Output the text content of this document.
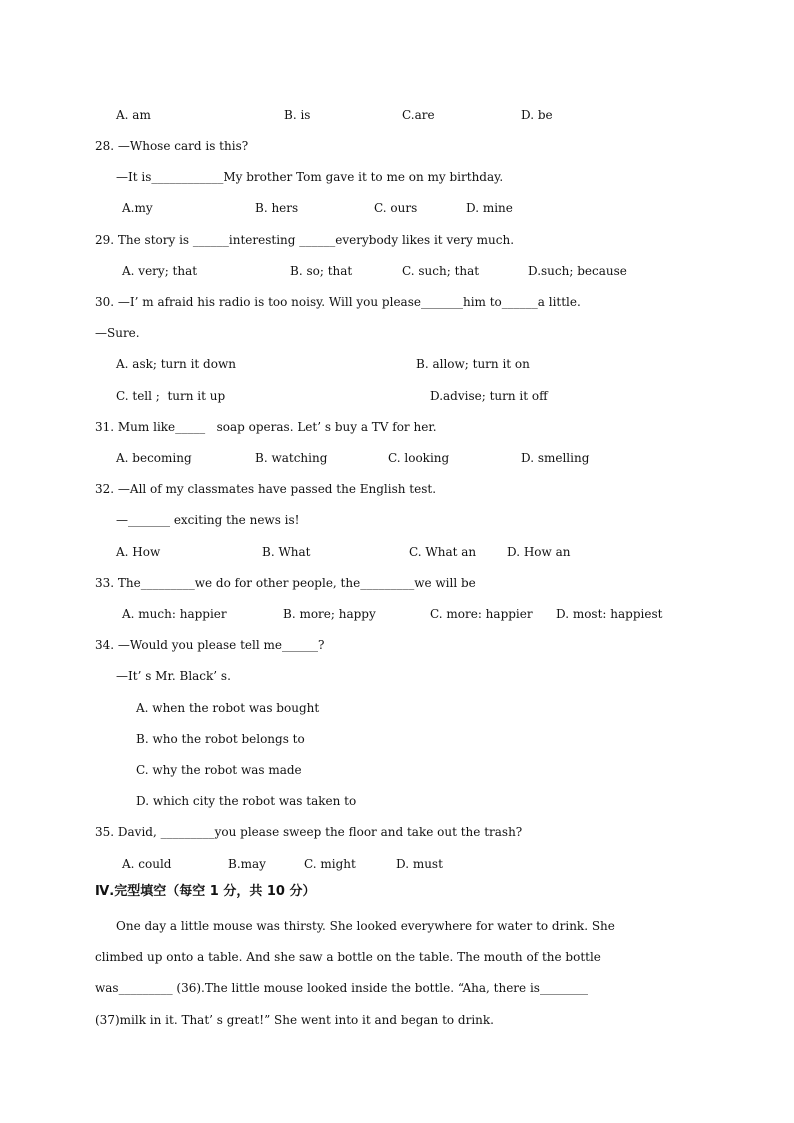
A. am	B. is	C.are	D. be
28. —Whose card is this?
—It is____________My brother Tom gave it to me on my birthday.
A.my	B. hers	C. ours	D. mine
29. The story is ______interesting ______everybody likes it very much.
A. very; that	B. so; that	C. such; that	D.such; because
30. —I’ m afraid his radio is too noisy. Will you please_______him to______a little.
—Sure.
A. ask; turn it down	B. allow; turn it on
C. tell ;  turn it up	D.advise; turn it off
31. Mum like_____   soap operas. Let’ s buy a TV for her.
A. becoming	B. watching	C. looking	D. smelling
32. —All of my classmates have passed the English test.
—_______ exciting the news is!
A. How	B. What	C. What an	D. How an
33. The_________we do for other people, the_________we will be
A. much: happier	B. more; happy	C. more: happier D. most: happiest
34. —Would you please tell me______?
—It’ s Mr. Black’ s.
A. when the robot was bought
B. who the robot belongs to
C. why the robot was made
D. which city the robot was taken to
35. David, _________you please sweep the floor and take out the trash?
A. could	B.may	C. might	D. must
Ⅳ.完型填空（每空 1 分，共 10 分）
One day a little mouse was thirsty. She looked everywhere for water to drink. She
climbed up onto a table. And she saw a bottle on the table. The mouth of the bottle
was_________ (36).The little mouse looked inside the bottle. “Aha, there is________
(37)milk in it. That’ s great!” She went into it and began to drink.
